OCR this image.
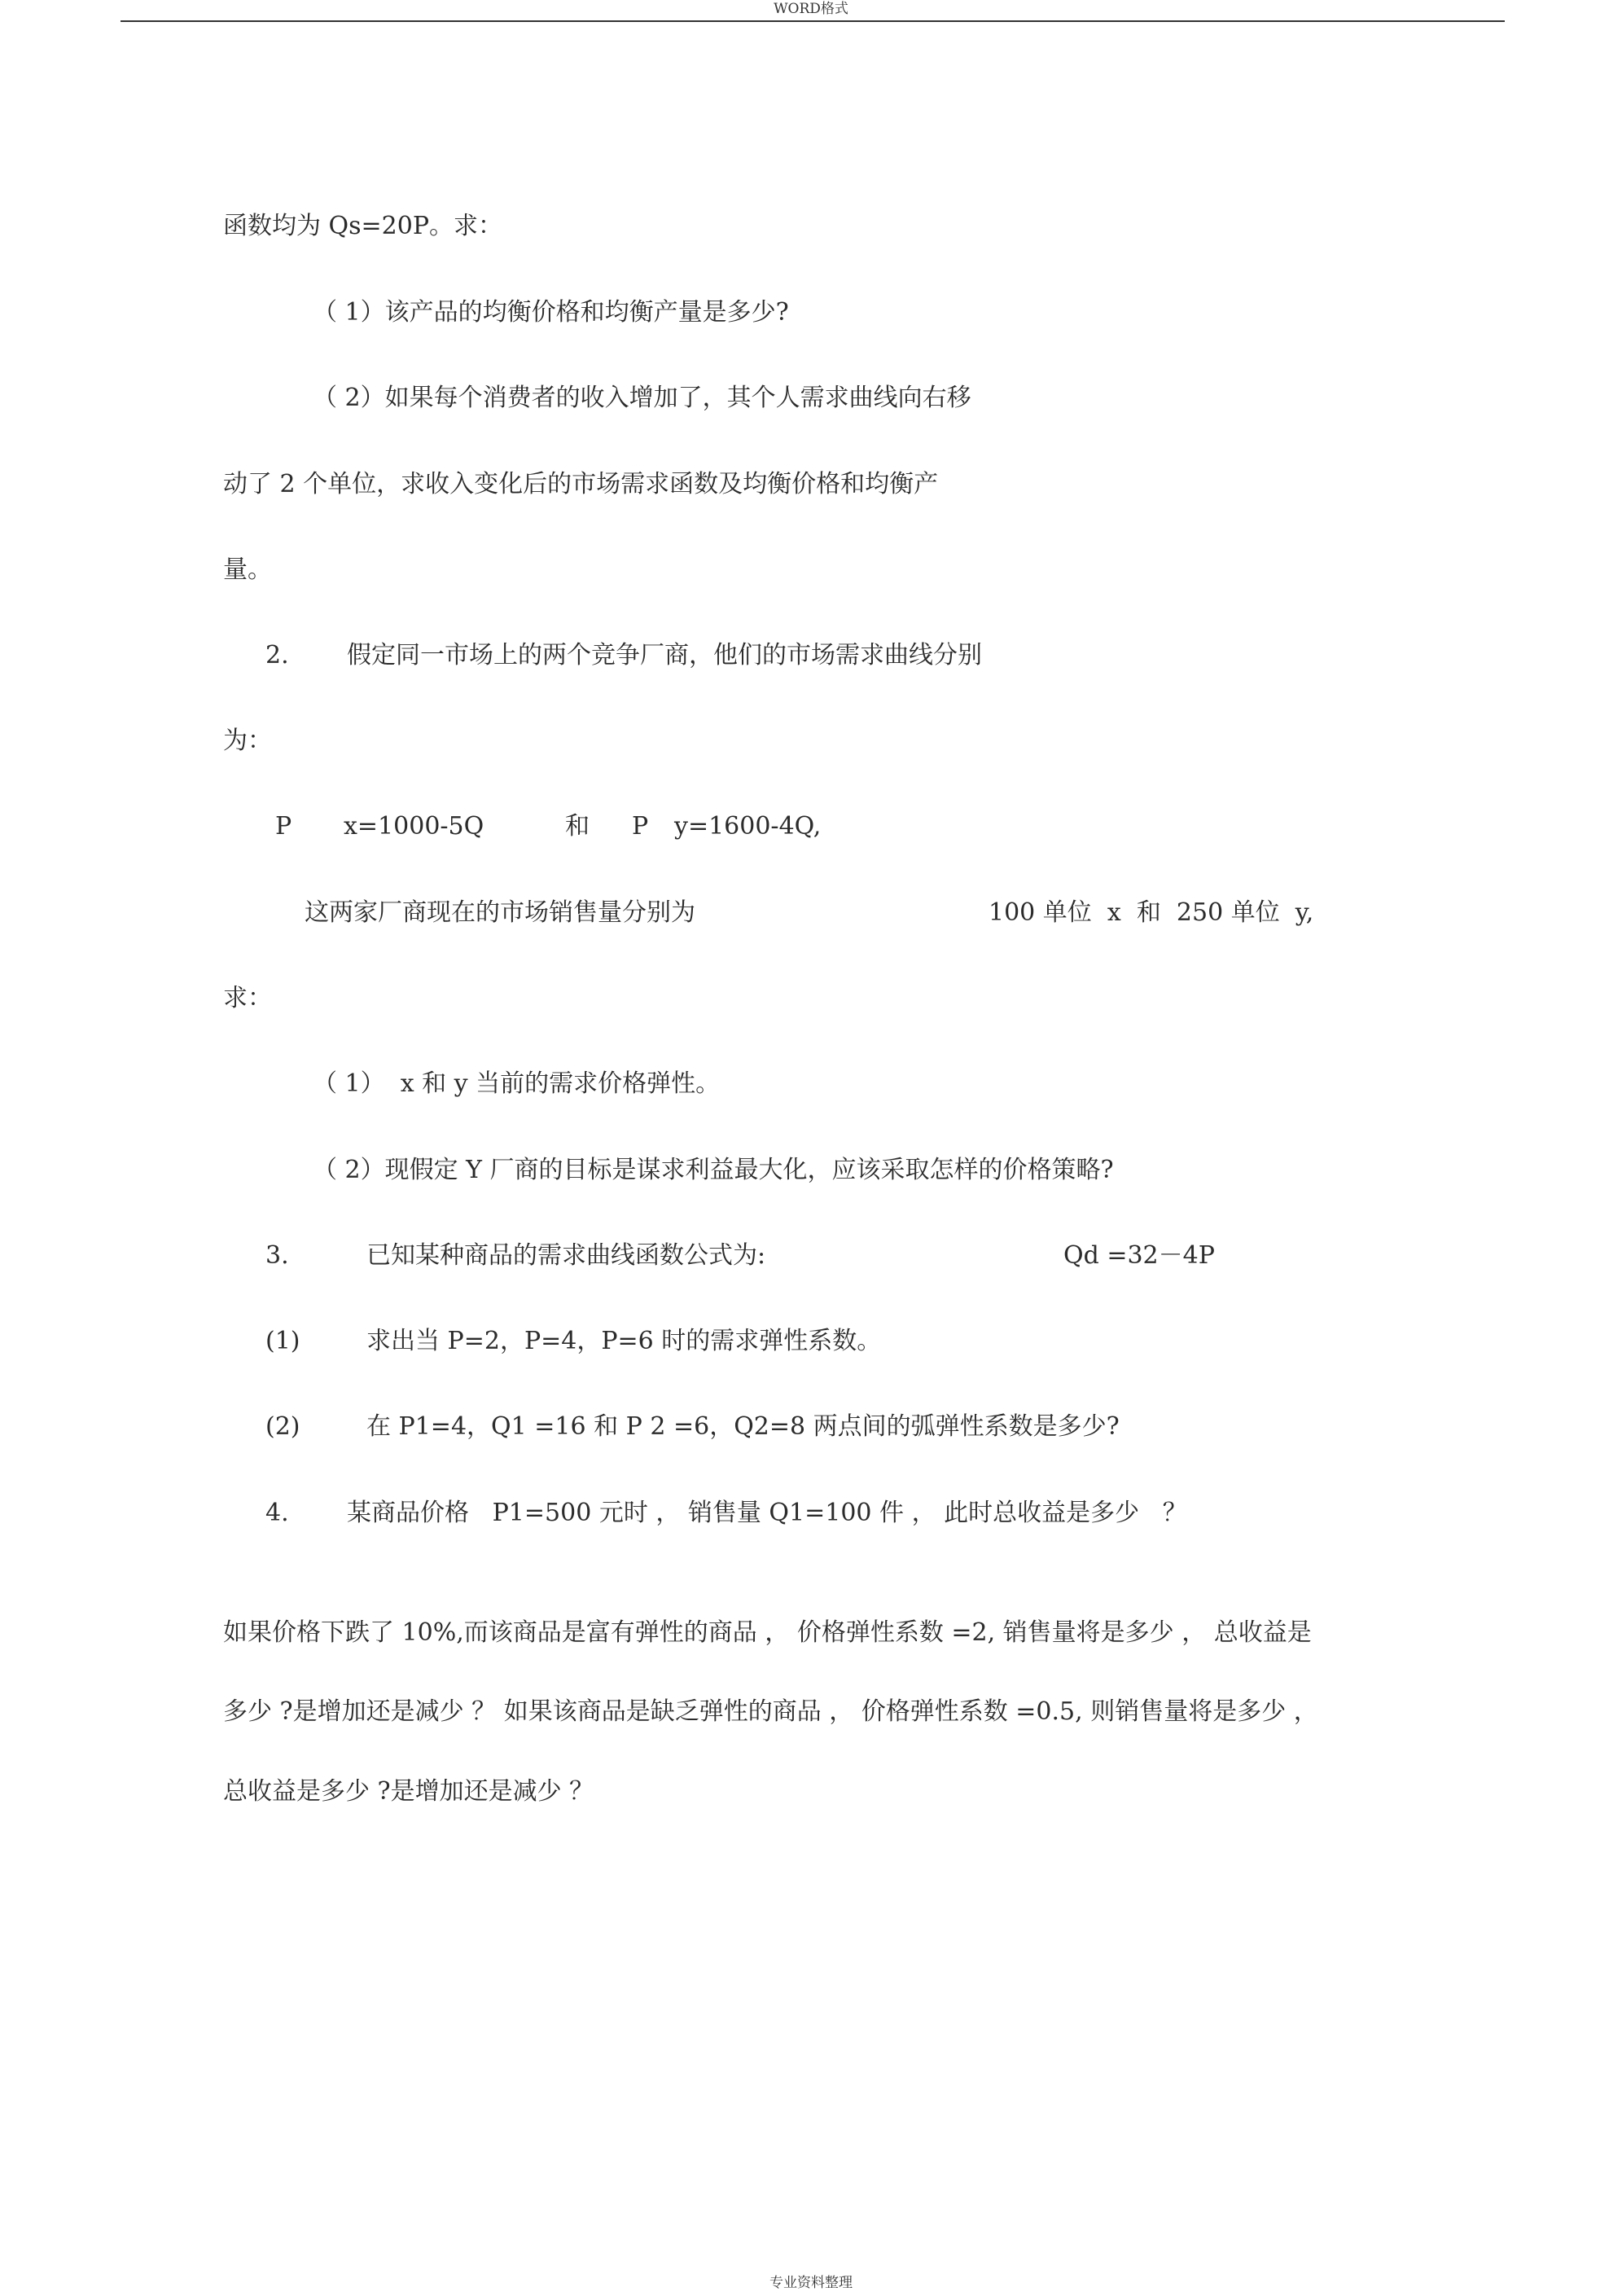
WORD格式
函数均为 Qs=20P。求：
（ 1）该产品的均衡价格和均衡产量是多少?
（ 2）如果每个消费者的收入增加了，其个人需求曲线向右移
动了 2 个单位，求收入变化后的市场需求函数及均衡价格和均衡产
量。

2.

假定同一市场上的两个竞争厂商，他们的市场需求曲线分别

为：

P

x=1000-5Q

	和

P

y=1600-4Q,

这两家厂商现在的市场销售量分别为

	100 单位  x  和  250 单位  y,

求：
（ 1）  x 和 y 当前的需求价格弹性。
（ 2）现假定 Y 厂商的目标是谋求利益最大化，应该采取怎样的价格策略?

3.

	已知某种商品的需求曲线函数公式为:

	Qd =32－4P

(1)

	求出当 P=2，P=4，P=6 时的需求弹性系数。

(2)

	在 P1=4，Q1 =16 和 P 2 =6，Q2=8 两点间的弧弹性系数是多少?

4.

某商品价格   P1=500 元时 ， 销售量 Q1=100 件 ， 此时总收益是多少   ？

如果价格下跌了 10%,而该商品是富有弹性的商品 ， 价格弹性系数 =2, 销售量将是多少 ， 总收益是
多少 ?是增加还是减少 ？ 如果该商品是缺乏弹性的商品 ， 价格弹性系数 =0.5, 则销售量将是多少 ，
总收益是多少 ?是增加还是减少 ？
专业资料整理
